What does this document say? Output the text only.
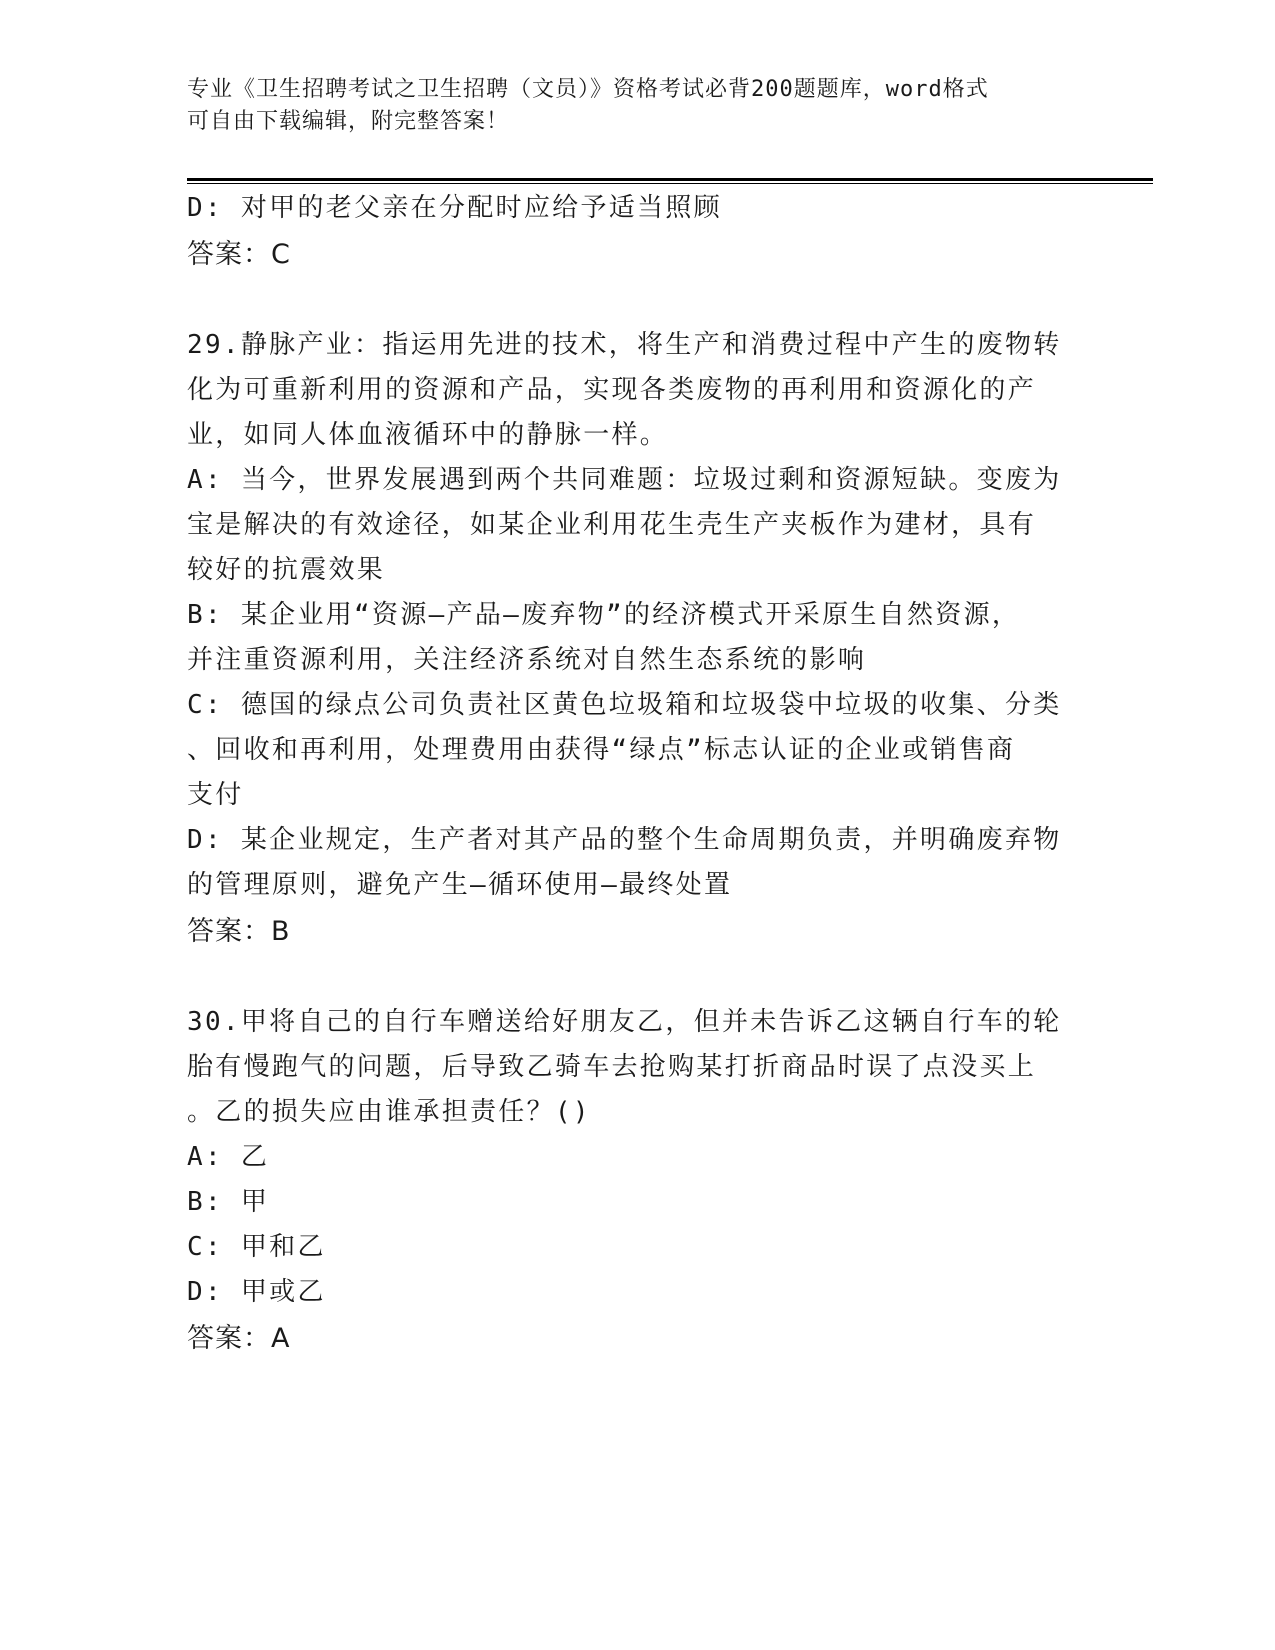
专业《卫生招聘考试之卫生招聘（文员）》资格考试必背200题题库，word格式
可自由下载编辑，附完整答案！
D: 对甲的老父亲在分配时应给予适当照顾
答案：C
29.静脉产业：指运用先进的技术，将生产和消费过程中产生的废物转
化为可重新利用的资源和产品，实现各类废物的再利用和资源化的产
业，如同人体血液循环中的静脉一样。
A: 当今，世界发展遇到两个共同难题：垃圾过剩和资源短缺。变废为
宝是解决的有效途径，如某企业利用花生壳生产夹板作为建材，具有
较好的抗震效果
B: 某企业用“资源—产品—废弃物”的经济模式开采原生自然资源，
并注重资源利用，关注经济系统对自然生态系统的影响
C: 德国的绿点公司负责社区黄色垃圾箱和垃圾袋中垃圾的收集、分类
、回收和再利用，处理费用由获得“绿点”标志认证的企业或销售商
支付
D: 某企业规定，生产者对其产品的整个生命周期负责，并明确废弃物
的管理原则，避免产生—循环使用—最终处置
答案：B
30.甲将自己的自行车赠送给好朋友乙，但并未告诉乙这辆自行车的轮
胎有慢跑气的问题，后导致乙骑车去抢购某打折商品时误了点没买上
。乙的损失应由谁承担责任？()
A: 乙
B: 甲
C: 甲和乙
D: 甲或乙
答案：A
